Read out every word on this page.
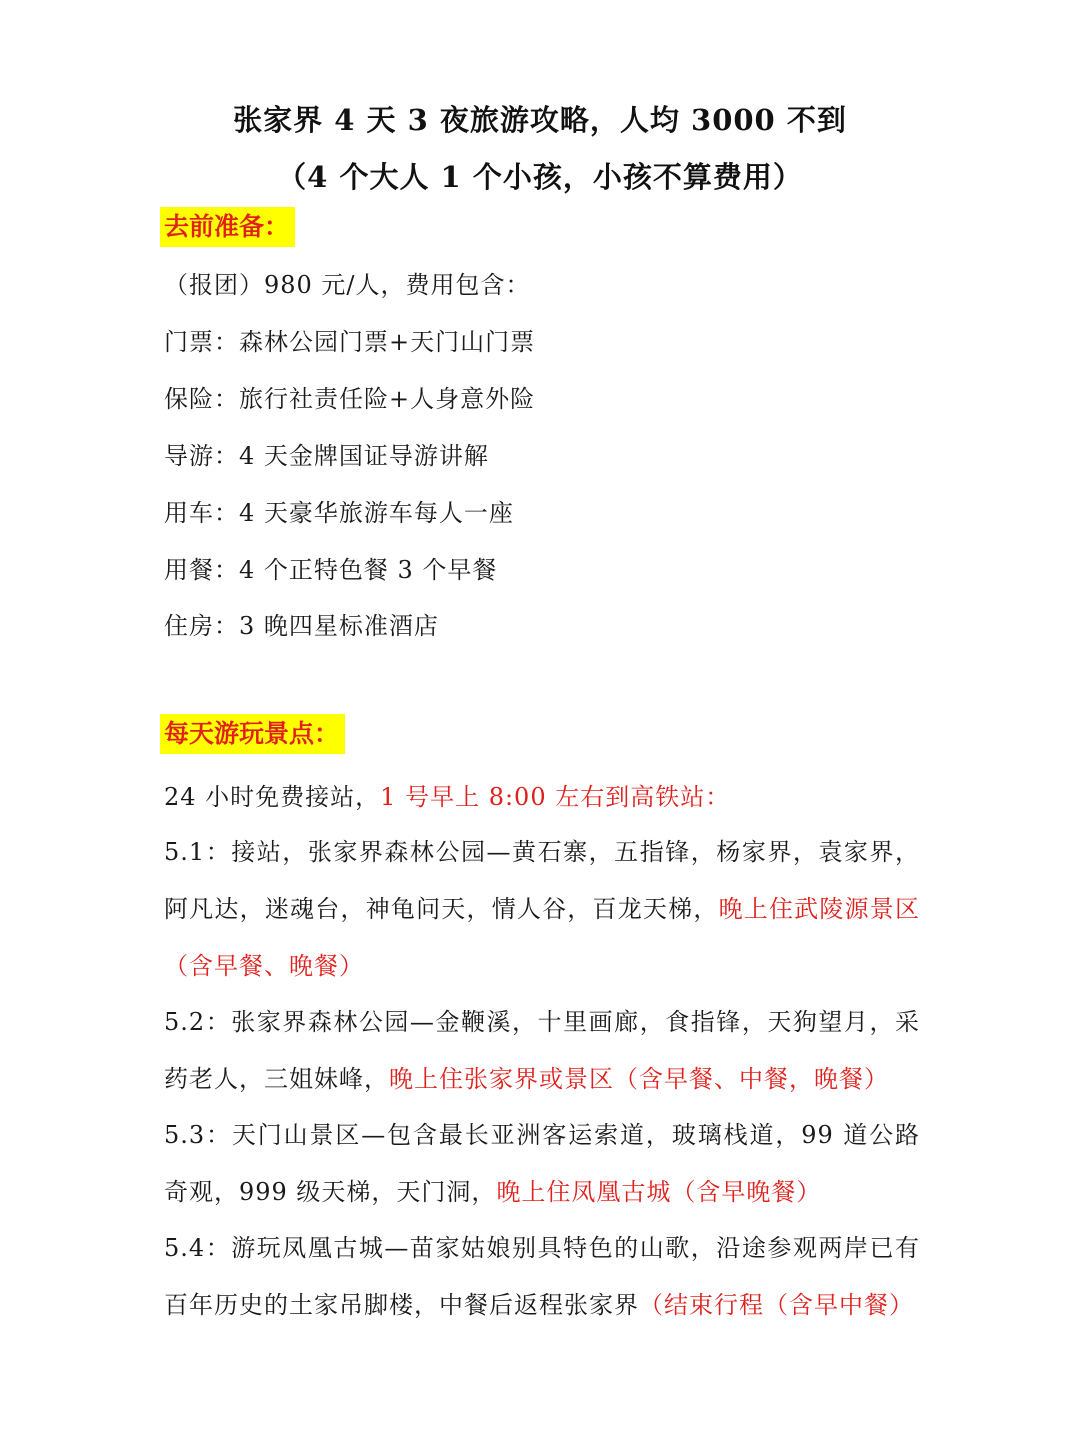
张家界 4 天 3 夜旅游攻略，人均 3000 不到
（4 个大人 1 个小孩，小孩不算费用）
去前准备：
（报团）980 元/人，费用包含：
门票：森林公园门票+天门山门票
保险：旅行社责任险+人身意外险
导游：4 天金牌国证导游讲解
用车：4 天豪华旅游车每人一座
用餐：4 个正特色餐 3 个早餐
住房：3 晚四星标准酒店
每天游玩景点：
24 小时免费接站，1 号早上 8:00 左右到高铁站：
5.1：接站，张家界森林公园—黄石寨，五指锋，杨家界，袁家界，阿凡达，迷魂台，神龟问天，情人谷，百龙天梯，晚上住武陵源景区（含早餐、晚餐）
5.2：张家界森林公园—金鞭溪，十里画廊，食指锋，天狗望月，采药老人，三姐妹峰，晚上住张家界或景区（含早餐、中餐，晚餐）
5.3：天门山景区—包含最长亚洲客运索道，玻璃栈道，99 道公路奇观，999 级天梯，天门洞，晚上住凤凰古城（含早晚餐）
5.4：游玩凤凰古城—苗家姑娘别具特色的山歌，沿途参观两岸已有百年历史的土家吊脚楼，中餐后返程张家界（结束行程（含早中餐）
